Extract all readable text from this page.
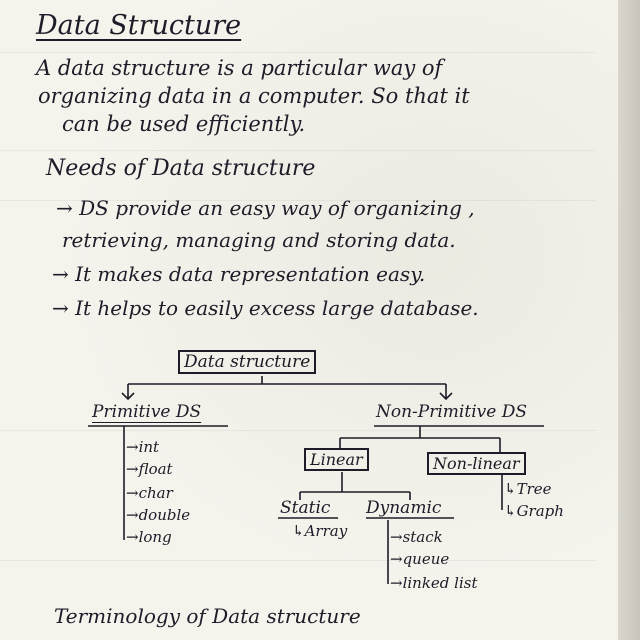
Data Structure
A data structure is a particular way of
organizing data in a computer. So that it
can be used efficiently.
Needs of Data structure
→ DS provide an easy way of organizing ,
retrieving, managing and storing data.
→ It makes data representation easy.
→ It helps to easily excess large database.
Data structure
Primitive DS
→int
→float
→char
→double
→long
Non-Primitive DS
Linear	Non-linear
Static
↳Array
Dynamic
→stack
→queue
→linked list
↳Tree
↳Graph
Terminology of Data structure
